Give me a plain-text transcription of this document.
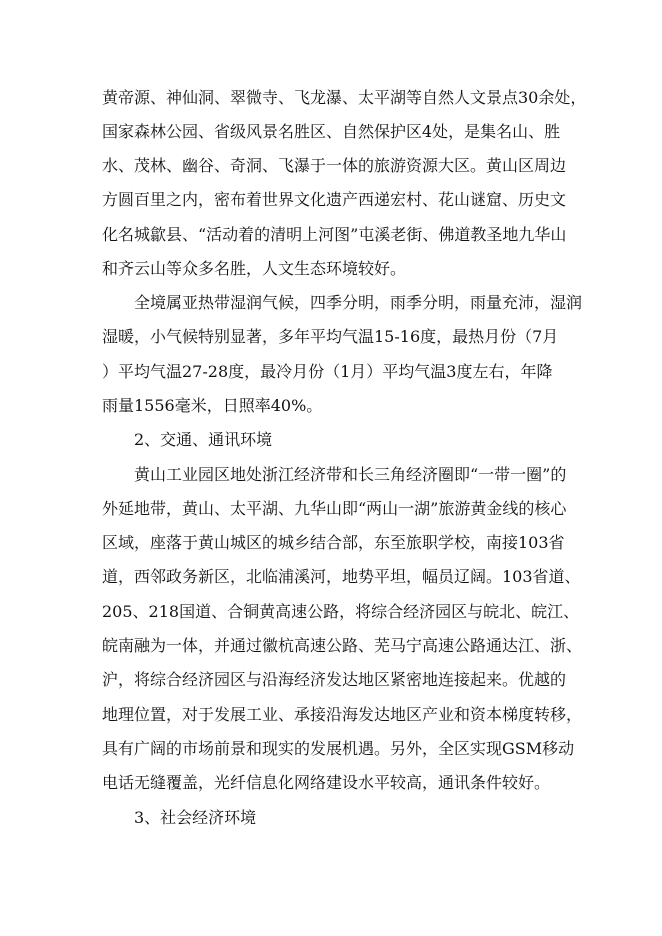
黄帝源、神仙洞、翠微寺、飞龙瀑、太平湖等自然人文景点30余处，
国家森林公园、省级风景名胜区、自然保护区4处，是集名山、胜
水、茂林、幽谷、奇洞、飞瀑于一体的旅游资源大区。黄山区周边
方圆百里之内，密布着世界文化遗产西递宏村、花山谜窟、历史文
化名城歙县、“活动着的清明上河图”屯溪老街、佛道教圣地九华山
和齐云山等众多名胜，人文生态环境较好。
全境属亚热带湿润气候，四季分明，雨季分明，雨量充沛，湿润
湿暖，小气候特别显著，多年平均气温15-16度，最热月份（7月
）平均气温27-28度，最冷月份（1月）平均气温3度左右，年降
雨量1556毫米，日照率40%。
2、交通、通讯环境
黄山工业园区地处浙江经济带和长三角经济圈即“一带一圈”的
外延地带，黄山、太平湖、九华山即“两山一湖”旅游黄金线的核心
区域，座落于黄山城区的城乡结合部，东至旅职学校，南接103省
道，西邻政务新区，北临浦溪河，地势平坦，幅员辽阔。103省道、
205、218国道、合铜黄高速公路，将综合经济园区与皖北、皖江、
皖南融为一体，并通过徽杭高速公路、芜马宁高速公路通达江、浙、
沪，将综合经济园区与沿海经济发达地区紧密地连接起来。优越的
地理位置，对于发展工业、承接沿海发达地区产业和资本梯度转移，
具有广阔的市场前景和现实的发展机遇。另外，全区实现GSM移动
电话无缝覆盖，光纤信息化网络建设水平较高，通讯条件较好。
3、社会经济环境
